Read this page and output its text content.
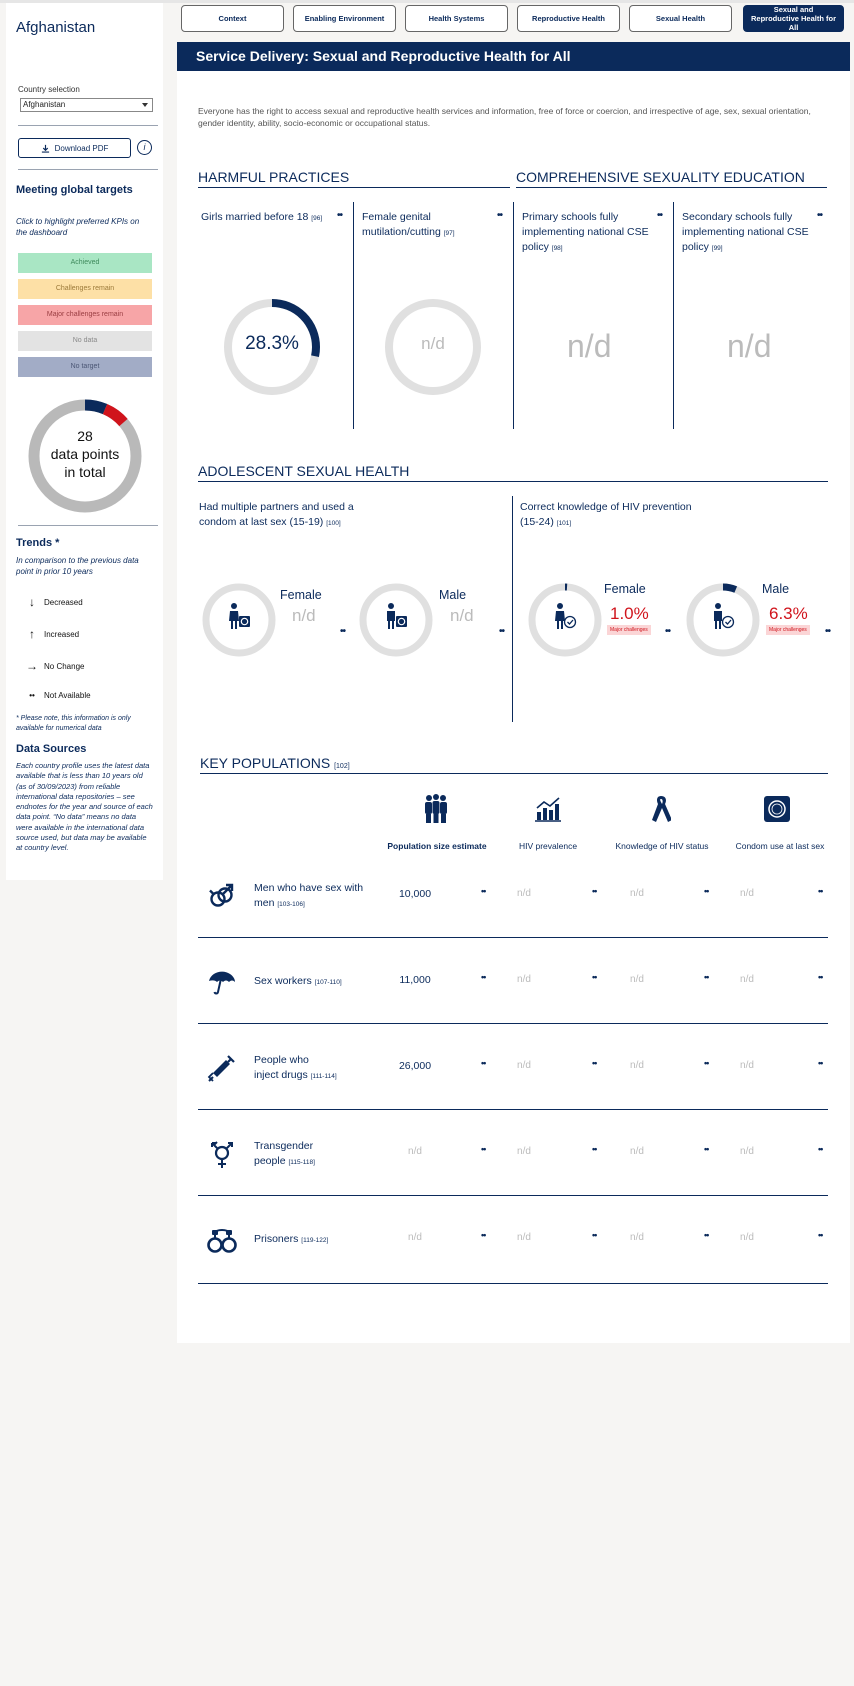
Afghanistan
Country selection
Afghanistan
Download PDF	i
Meeting global targets
Click to highlight preferred KPIs on the dashboard
Achieved
Challenges remain
Major challenges remain
No data
No target
28
data points
in total
Trends *
In comparison to the previous data point in prior 10 years
↓	Decreased
↑	Increased
→ No Change
••	Not Available
* Please note, this information is only available for numerical data
Data Sources
Each country profile uses the latest data available that is less than 10 years old (as of 30/09/2023) from reliable international data repositories – see endnotes for the year and source of each data point. “No data” means no data were available in the international data source used, but data may be available at country level.
Context	Enabling Environment	Health Systems	Reproductive Health	Sexual Health
Sexual and Reproductive Health for All
Service Delivery: Sexual and Reproductive Health for All
Everyone has the right to access sexual and reproductive health services and information, free of force or coercion, and irrespective of age, sex, sexual orientation, gender identity, ability, socio-economic or occupational status.
HARMFUL PRACTICES	COMPREHENSIVE SEXUALITY EDUCATION
Girls married before 18 [96]	••
28.3%
Female genital mutilation/cutting [97]
••
n/d
Primary schools fully implementing national CSE policy [98]
••
n/d
Secondary schools fully implementing national CSE policy [99]
••
n/d
ADOLESCENT SEXUAL HEALTH
Had multiple partners and used a condom at last sex (15-19) [100]
Female
n/d
••
Male
n/d
••
Correct knowledge of HIV prevention (15-24) [101]
Female
1.0%
Major challenges	••
Male
6.3%
Major challenges	••
KEY POPULATIONS [102]
Population size estimate	HIV prevalence	Knowledge of HIV status	Condom use at last sex
Men who have sex with
men [103-106]
10,000	••	n/d	••	n/d	••	n/d	••
Sex workers [107-110]	11,000	••	n/d	••	n/d	••	n/d	••
People who
inject drugs [111-114]
26,000	••	n/d	••	n/d	••	n/d	••
Transgender
people [115-118]
n/d	••	n/d	••	n/d	••	n/d	••
Prisoners [119-122]	n/d	••	n/d	••	n/d	••	n/d	••
